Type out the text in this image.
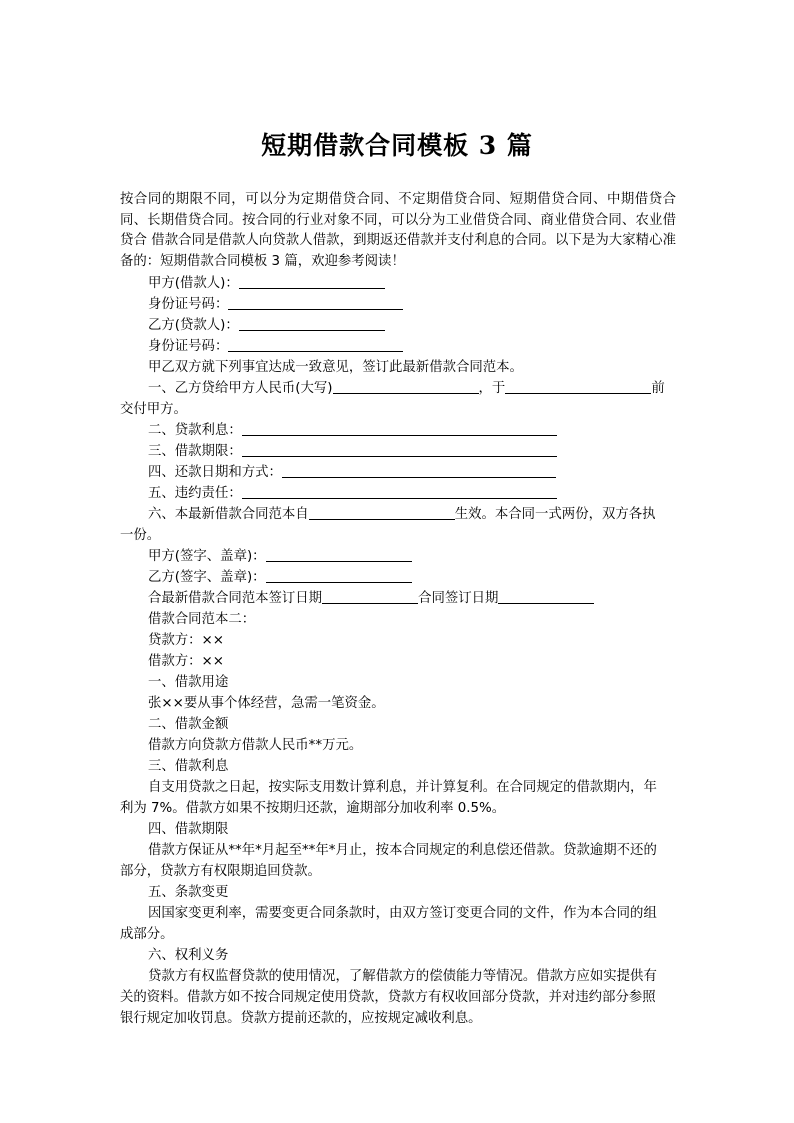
短期借款合同模板 3 篇

按合同的期限不同，可以分为定期借贷合同、不定期借贷合同、短期借贷合同、中期借贷合同、长期借贷合同。按合同的行业对象不同，可以分为工业借贷合同、商业借贷合同、农业借贷合 借款合同是借款人向贷款人借款，到期返还借款并支付利息的合同。以下是为大家精心准备的：短期借款合同模板 3 篇，欢迎参考阅读！

甲方(借款人)：
身份证号码：
乙方(贷款人)：
身份证号码：
甲乙双方就下列事宜达成一致意见，签订此最新借款合同范本。
一、乙方贷给甲方人民币(大写)	，于	前
交付甲方。
二、贷款利息：
三、借款期限：
四、还款日期和方式：
五、违约责任：
六、本最新借款合同范本自	生效。本合同一式两份，双方各执
一份。
甲方(签字、盖章)：
乙方(签字、盖章)：
合最新借款合同范本签订日期	合同签订日期
借款合同范本二：
贷款方：××
借款方：××
一、借款用途
张××要从事个体经营，急需一笔资金。
二、借款金额
借款方向贷款方借款人民币**万元。
三、借款利息
自支用贷款之日起，按实际支用数计算利息，并计算复利。在合同规定的借款期内，年
利为 7%。借款方如果不按期归还款，逾期部分加收利率 0.5%。
四、借款期限
借款方保证从**年*月起至**年*月止，按本合同规定的利息偿还借款。贷款逾期不还的
部分，贷款方有权限期追回贷款。
五、条款变更
因国家变更利率，需要变更合同条款时，由双方签订变更合同的文件，作为本合同的组
成部分。
六、权利义务
贷款方有权监督贷款的使用情况，了解借款方的偿债能力等情况。借款方应如实提供有
关的资料。借款方如不按合同规定使用贷款，贷款方有权收回部分贷款，并对违约部分参照
银行规定加收罚息。贷款方提前还款的，应按规定减收利息。
